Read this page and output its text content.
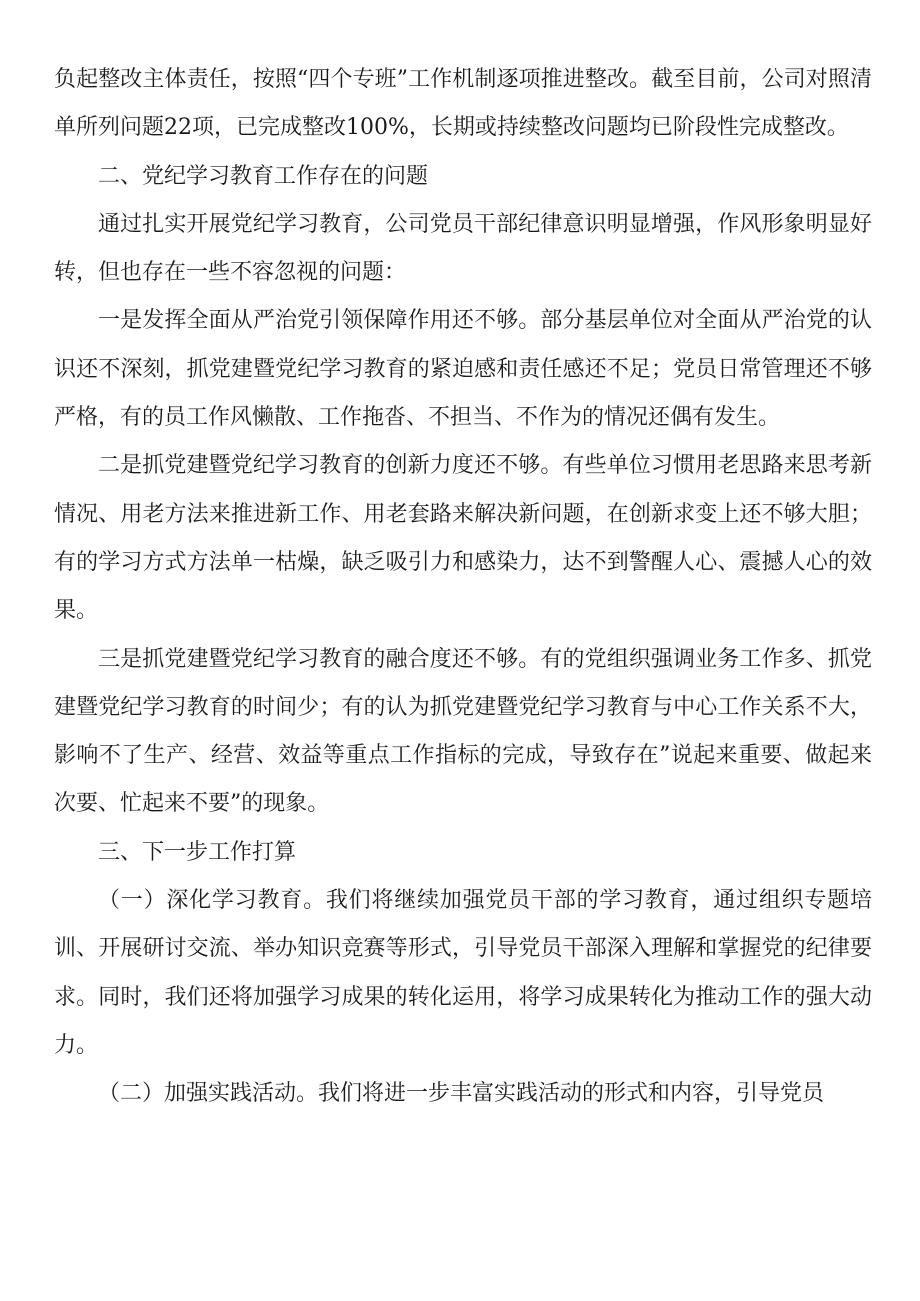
负起整改主体责任，按照“四个专班”工作机制逐项推进整改。截至目前，公司对照清单所列问题22项，已完成整改100%，长期或持续整改问题均已阶段性完成整改。

二、党纪学习教育工作存在的问题

通过扎实开展党纪学习教育，公司党员干部纪律意识明显增强，作风形象明显好转，但也存在一些不容忽视的问题：

一是发挥全面从严治党引领保障作用还不够。部分基层单位对全面从严治党的认识还不深刻，抓党建暨党纪学习教育的紧迫感和责任感还不足；党员日常管理还不够严格，有的员工作风懒散、工作拖沓、不担当、不作为的情况还偶有发生。

二是抓党建暨党纪学习教育的创新力度还不够。有些单位习惯用老思路来思考新情况、用老方法来推进新工作、用老套路来解决新问题，在创新求变上还不够大胆；有的学习方式方法单一枯燥，缺乏吸引力和感染力，达不到警醒人心、震撼人心的效果。

三是抓党建暨党纪学习教育的融合度还不够。有的党组织强调业务工作多、抓党建暨党纪学习教育的时间少；有的认为抓党建暨党纪学习教育与中心工作关系不大，影响不了生产、经营、效益等重点工作指标的完成，导致存在”说起来重要、做起来次要、忙起来不要”的现象。

三、下一步工作打算

（一）深化学习教育。我们将继续加强党员干部的学习教育，通过组织专题培训、开展研讨交流、举办知识竞赛等形式，引导党员干部深入理解和掌握党的纪律要求。同时，我们还将加强学习成果的转化运用，将学习成果转化为推动工作的强大动力。

（二）加强实践活动。我们将进一步丰富实践活动的形式和内容，引导党员
